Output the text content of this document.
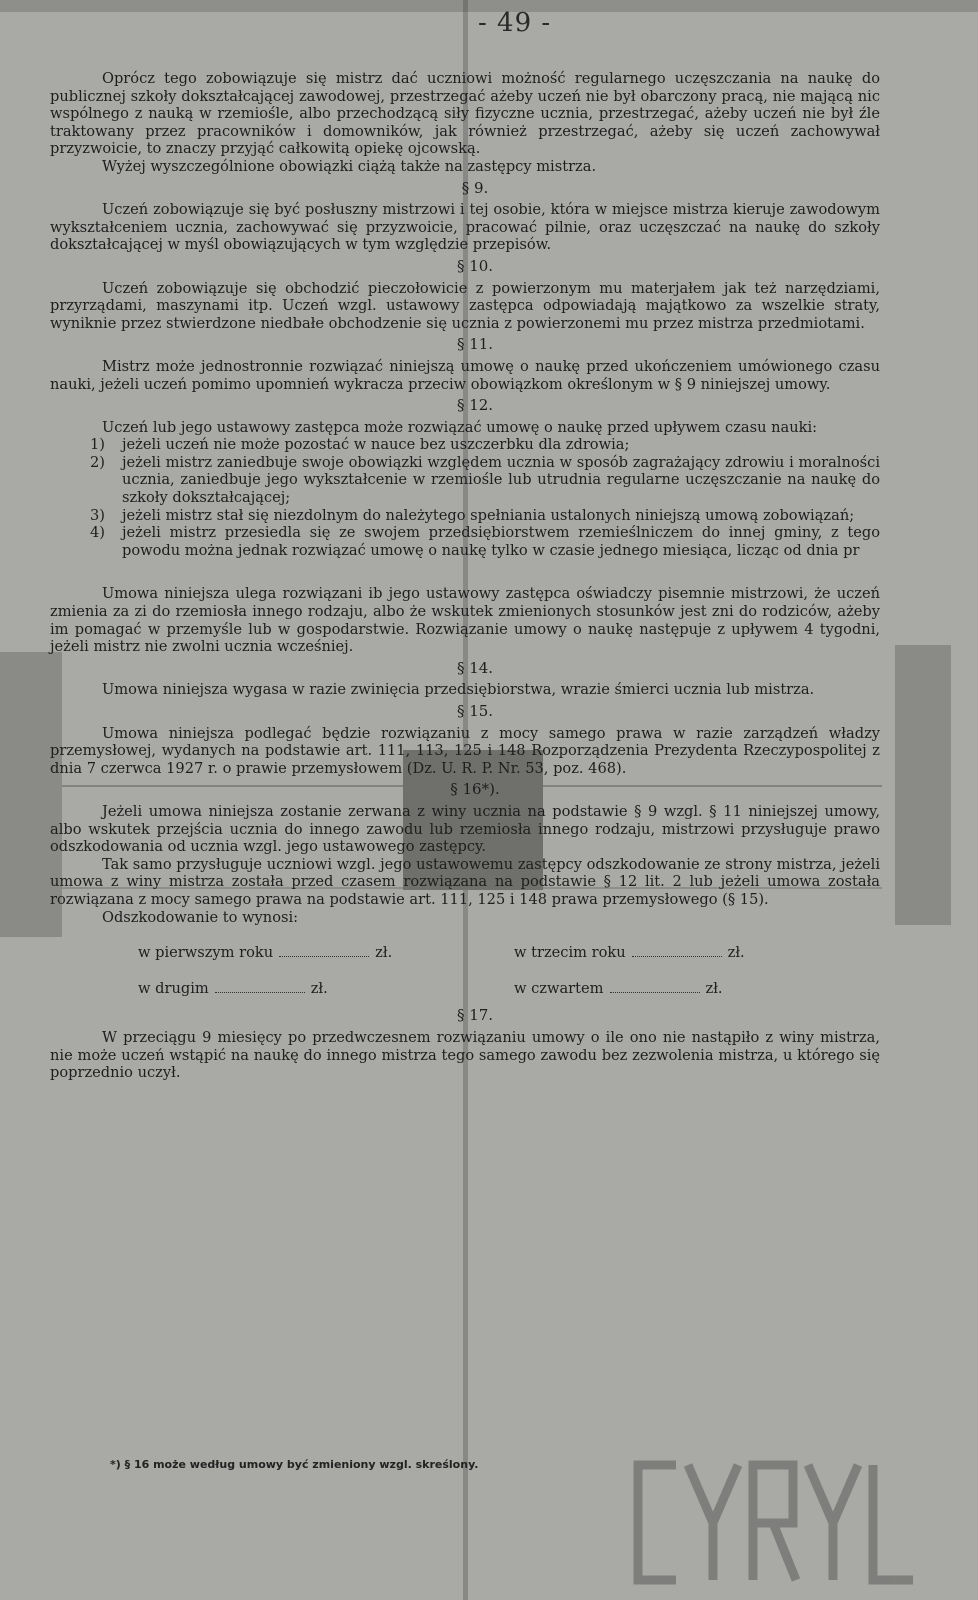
- 49 -

Oprócz tego zobowiązuje się mistrz dać uczniowi możność regularnego uczęszczania na naukę do publicznej szkoły dokształcającej zawodowej, przestrzegać ażeby uczeń nie był obarczony pracą, nie mającą nic wspólnego z nauką w rzemiośle, albo przechodzącą siły fizyczne ucznia, przestrzegać, ażeby uczeń nie był źle traktowany przez pracowników i domowników, jak również przestrzegać, ażeby się uczeń zachowywał przyzwoicie, to znaczy przyjąć całkowitą opiekę ojcowską.

Wyżej wyszczególnione obowiązki ciążą także na zastępcy mistrza.

§ 9.

Uczeń zobowiązuje się być posłuszny mistrzowi i tej osobie, która w miejsce mistrza kieruje zawodowym wykształceniem ucznia, zachowywać się przyzwoicie, pracować pilnie, oraz uczęszczać na naukę do szkoły dokształcającej w myśl obowiązujących w tym względzie przepisów.

§ 10.

Uczeń zobowiązuje się obchodzić pieczołowicie z powierzonym mu materjałem jak też narzędziami, przyrządami, maszynami itp. Uczeń wzgl. ustawowy zastępca odpowiadają majątkowo za wszelkie straty, wyniknie przez stwierdzone niedbałe obchodzenie się ucznia z powierzonemi mu przez mistrza przedmiotami.

§ 11.

Mistrz może jednostronnie rozwiązać niniejszą umowę o naukę przed ukończeniem umówionego czasu nauki, jeżeli uczeń pomimo upomnień wykracza przeciw obowiązkom określonym w § 9 niniejszej umowy.

§ 12.

Uczeń lub jego ustawowy zastępca może rozwiązać umowę o naukę przed upływem czasu nauki:

1) jeżeli uczeń nie może pozostać w nauce bez uszczerbku dla zdrowia;
2) jeżeli mistrz zaniedbuje swoje obowiązki względem ucznia w sposób zagrażający zdrowiu i moralności ucznia, zaniedbuje jego wykształcenie w rzemiośle lub utrudnia regularne uczęszczanie na naukę do szkoły dokształcającej;
3) jeżeli mistrz stał się niezdolnym do należytego spełniania ustalonych niniejszą umową zobowiązań;
4) jeżeli mistrz przesiedla się ze swojem przedsiębiorstwem rzemieślniczem do innej gminy, z tego powodu można jednak rozwiązać umowę o naukę tylko w czasie jednego miesiąca, licząc od dnia pr

Umowa niniejsza ulega rozwiązani ib jego ustawowy zastępca oświadczy pisemnie mistrzowi, że uczeń zmienia za zi do rzemiosła innego rodzaju, albo że wskutek zmienionych stosunków jest zni do rodziców, ażeby im pomagać w przemyśle lub w gospodarstwie. Rozwiązanie umowy o naukę następuje z upływem 4 tygodni, jeżeli mistrz nie zwolni ucznia wcześniej.

§ 14.

Umowa niniejsza wygasa w razie zwinięcia przedsiębiorstwa, wrazie śmierci ucznia lub mistrza.

§ 15.

Umowa niniejsza podlegać będzie rozwiązaniu z mocy samego prawa w razie zarządzeń władzy przemysłowej, wydanych na podstawie art. 111, 113, 125 i 148 Rozporządzenia Prezydenta Rzeczypospolitej z dnia 7 czerwca 1927 r. o prawie przemysłowem (Dz. U. R. P. Nr. 53, poz. 468).

§ 16*).

Jeżeli umowa niniejsza zostanie zerwana z winy ucznia na podstawie § 9 wzgl. § 11 niniejszej umowy, albo wskutek przejścia ucznia do innego zawodu lub rzemiosła innego rodzaju, mistrzowi przysługuje prawo odszkodowania od ucznia wzgl. jego ustawowego zastępcy.

Tak samo przysługuje uczniowi wzgl. jego ustawowemu zastępcy odszkodowanie ze strony mistrza, jeżeli umowa z winy mistrza została przed czasem rozwiązana na podstawie § 12 lit. 2 lub jeżeli umowa została rozwiązana z mocy samego prawa na podstawie art. 111, 125 i 148 prawa przemysłowego (§ 15).

Odszkodowanie to wynosi:

w pierwszym roku	zł.	w trzecim roku	zł.
w drugim	zł.	w czwartem	zł.
§ 17.

W przeciągu 9 miesięcy po przedwczesnem rozwiązaniu umowy o ile ono nie nastąpiło z winy mistrza, nie może uczeń wstąpić na naukę do innego mistrza tego samego zawodu bez zezwolenia mistrza, u którego się poprzednio uczył.

*) § 16 może według umowy być zmieniony wzgl. skreślony.
